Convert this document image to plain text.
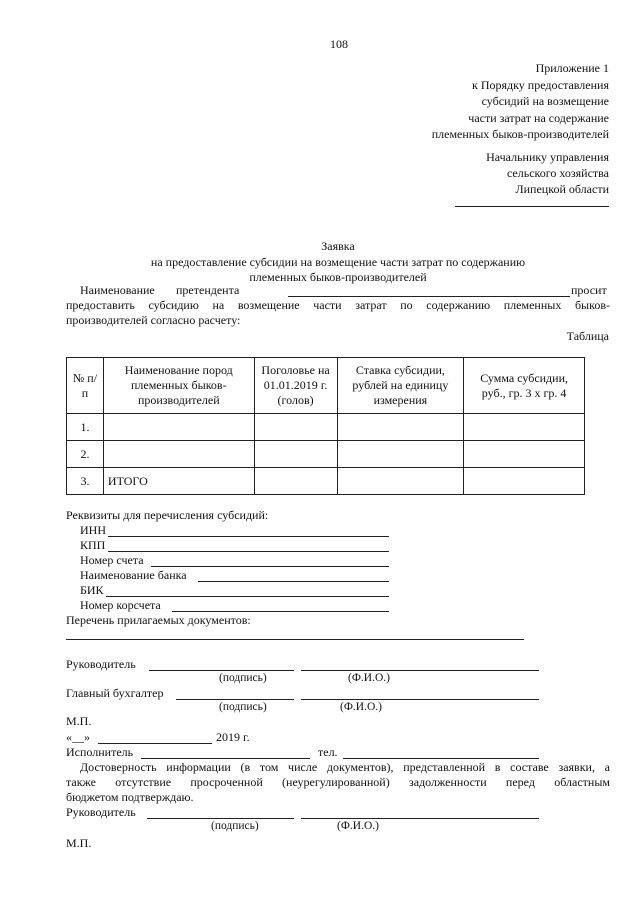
108
Приложение 1
к Порядку предоставления
субсидий на возмещение
части затрат на содержание
племенных быков-производителей
Начальнику управления
сельского хозяйства
Липецкой области
Заявка
на предоставление субсидии на возмещение части затрат по содержанию
племенных быков-производителей
Наименование претендента	просит
предоставить субсидию на возмещение части затрат по содержанию племенных быков-
производителей согласно расчету:
Таблица
№ п/п	Наименование пород племенных быков-производителей	Поголовье на 01.01.2019 г. (голов)	Ставка субсидии, рублей на единицу измерения	Сумма субсидии, руб., гр. 3 х гр. 4
1.				
2.				
3.	ИТОГО			
Реквизиты для перечисления субсидий:
ИНН
КПП
Номер счета
Наименование банка
БИК
Номер корсчета
Перечень прилагаемых документов:
Руководитель
(подпись)	(Ф.И.О.)
Главный бухгалтер
(подпись)	(Ф.И.О.)
М.П.
«__»	2019 г.
Исполнитель	тел.
Достоверность информации (в том числе документов), представленной в составе заявки, а
также отсутствие просроченной (неурегулированной) задолженности перед областным
бюджетом подтверждаю.
Руководитель
(подпись)	(Ф.И.О.)
М.П.
